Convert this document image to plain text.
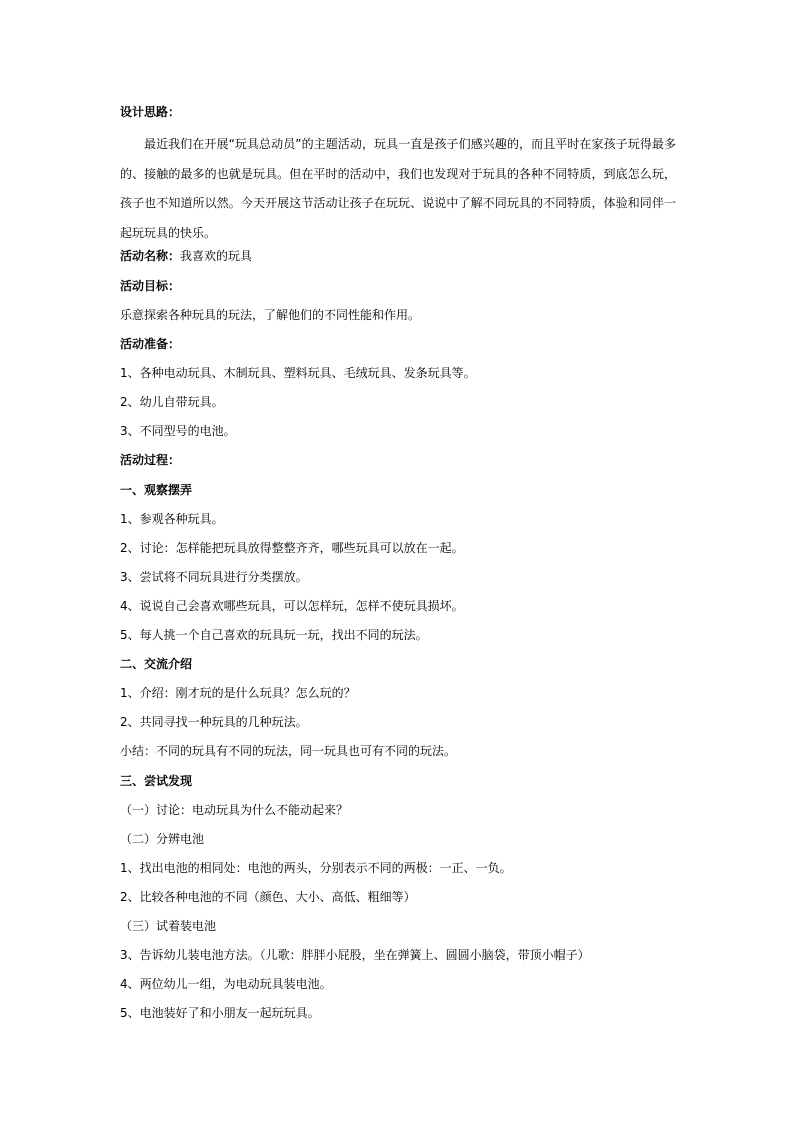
设计思路：
最近我们在开展“玩具总动员”的主题活动，玩具一直是孩子们感兴趣的，而且平时在家孩子玩得最多的、接触的最多的也就是玩具。但在平时的活动中，我们也发现对于玩具的各种不同特质，到底怎么玩，孩子也不知道所以然。今天开展这节活动让孩子在玩玩、说说中了解不同玩具的不同特质，体验和同伴一起玩玩具的快乐。
活动名称：我喜欢的玩具
活动目标：
乐意探索各种玩具的玩法，了解他们的不同性能和作用。
活动准备：
1、各种电动玩具、木制玩具、塑料玩具、毛绒玩具、发条玩具等。
2、幼儿自带玩具。
3、不同型号的电池。
活动过程：
一、观察摆弄
1、参观各种玩具。
2、讨论：怎样能把玩具放得整整齐齐，哪些玩具可以放在一起。
3、尝试将不同玩具进行分类摆放。
4、说说自己会喜欢哪些玩具，可以怎样玩，怎样不使玩具损坏。
5、每人挑一个自己喜欢的玩具玩一玩，找出不同的玩法。
二、交流介绍
1、介绍：刚才玩的是什么玩具？怎么玩的？
2、共同寻找一种玩具的几种玩法。
小结：不同的玩具有不同的玩法，同一玩具也可有不同的玩法。
三、尝试发现
（一）讨论：电动玩具为什么不能动起来？
（二）分辨电池
1、找出电池的相同处：电池的两头，分别表示不同的两极：一正、一负。
2、比较各种电池的不同（颜色、大小、高低、粗细等）
（三）试着装电池
3、告诉幼儿装电池方法。（儿歌：胖胖小屁股，坐在弹簧上、圆圆小脑袋，带顶小帽子）
4、两位幼儿一组，为电动玩具装电池。
5、电池装好了和小朋友一起玩玩具。
